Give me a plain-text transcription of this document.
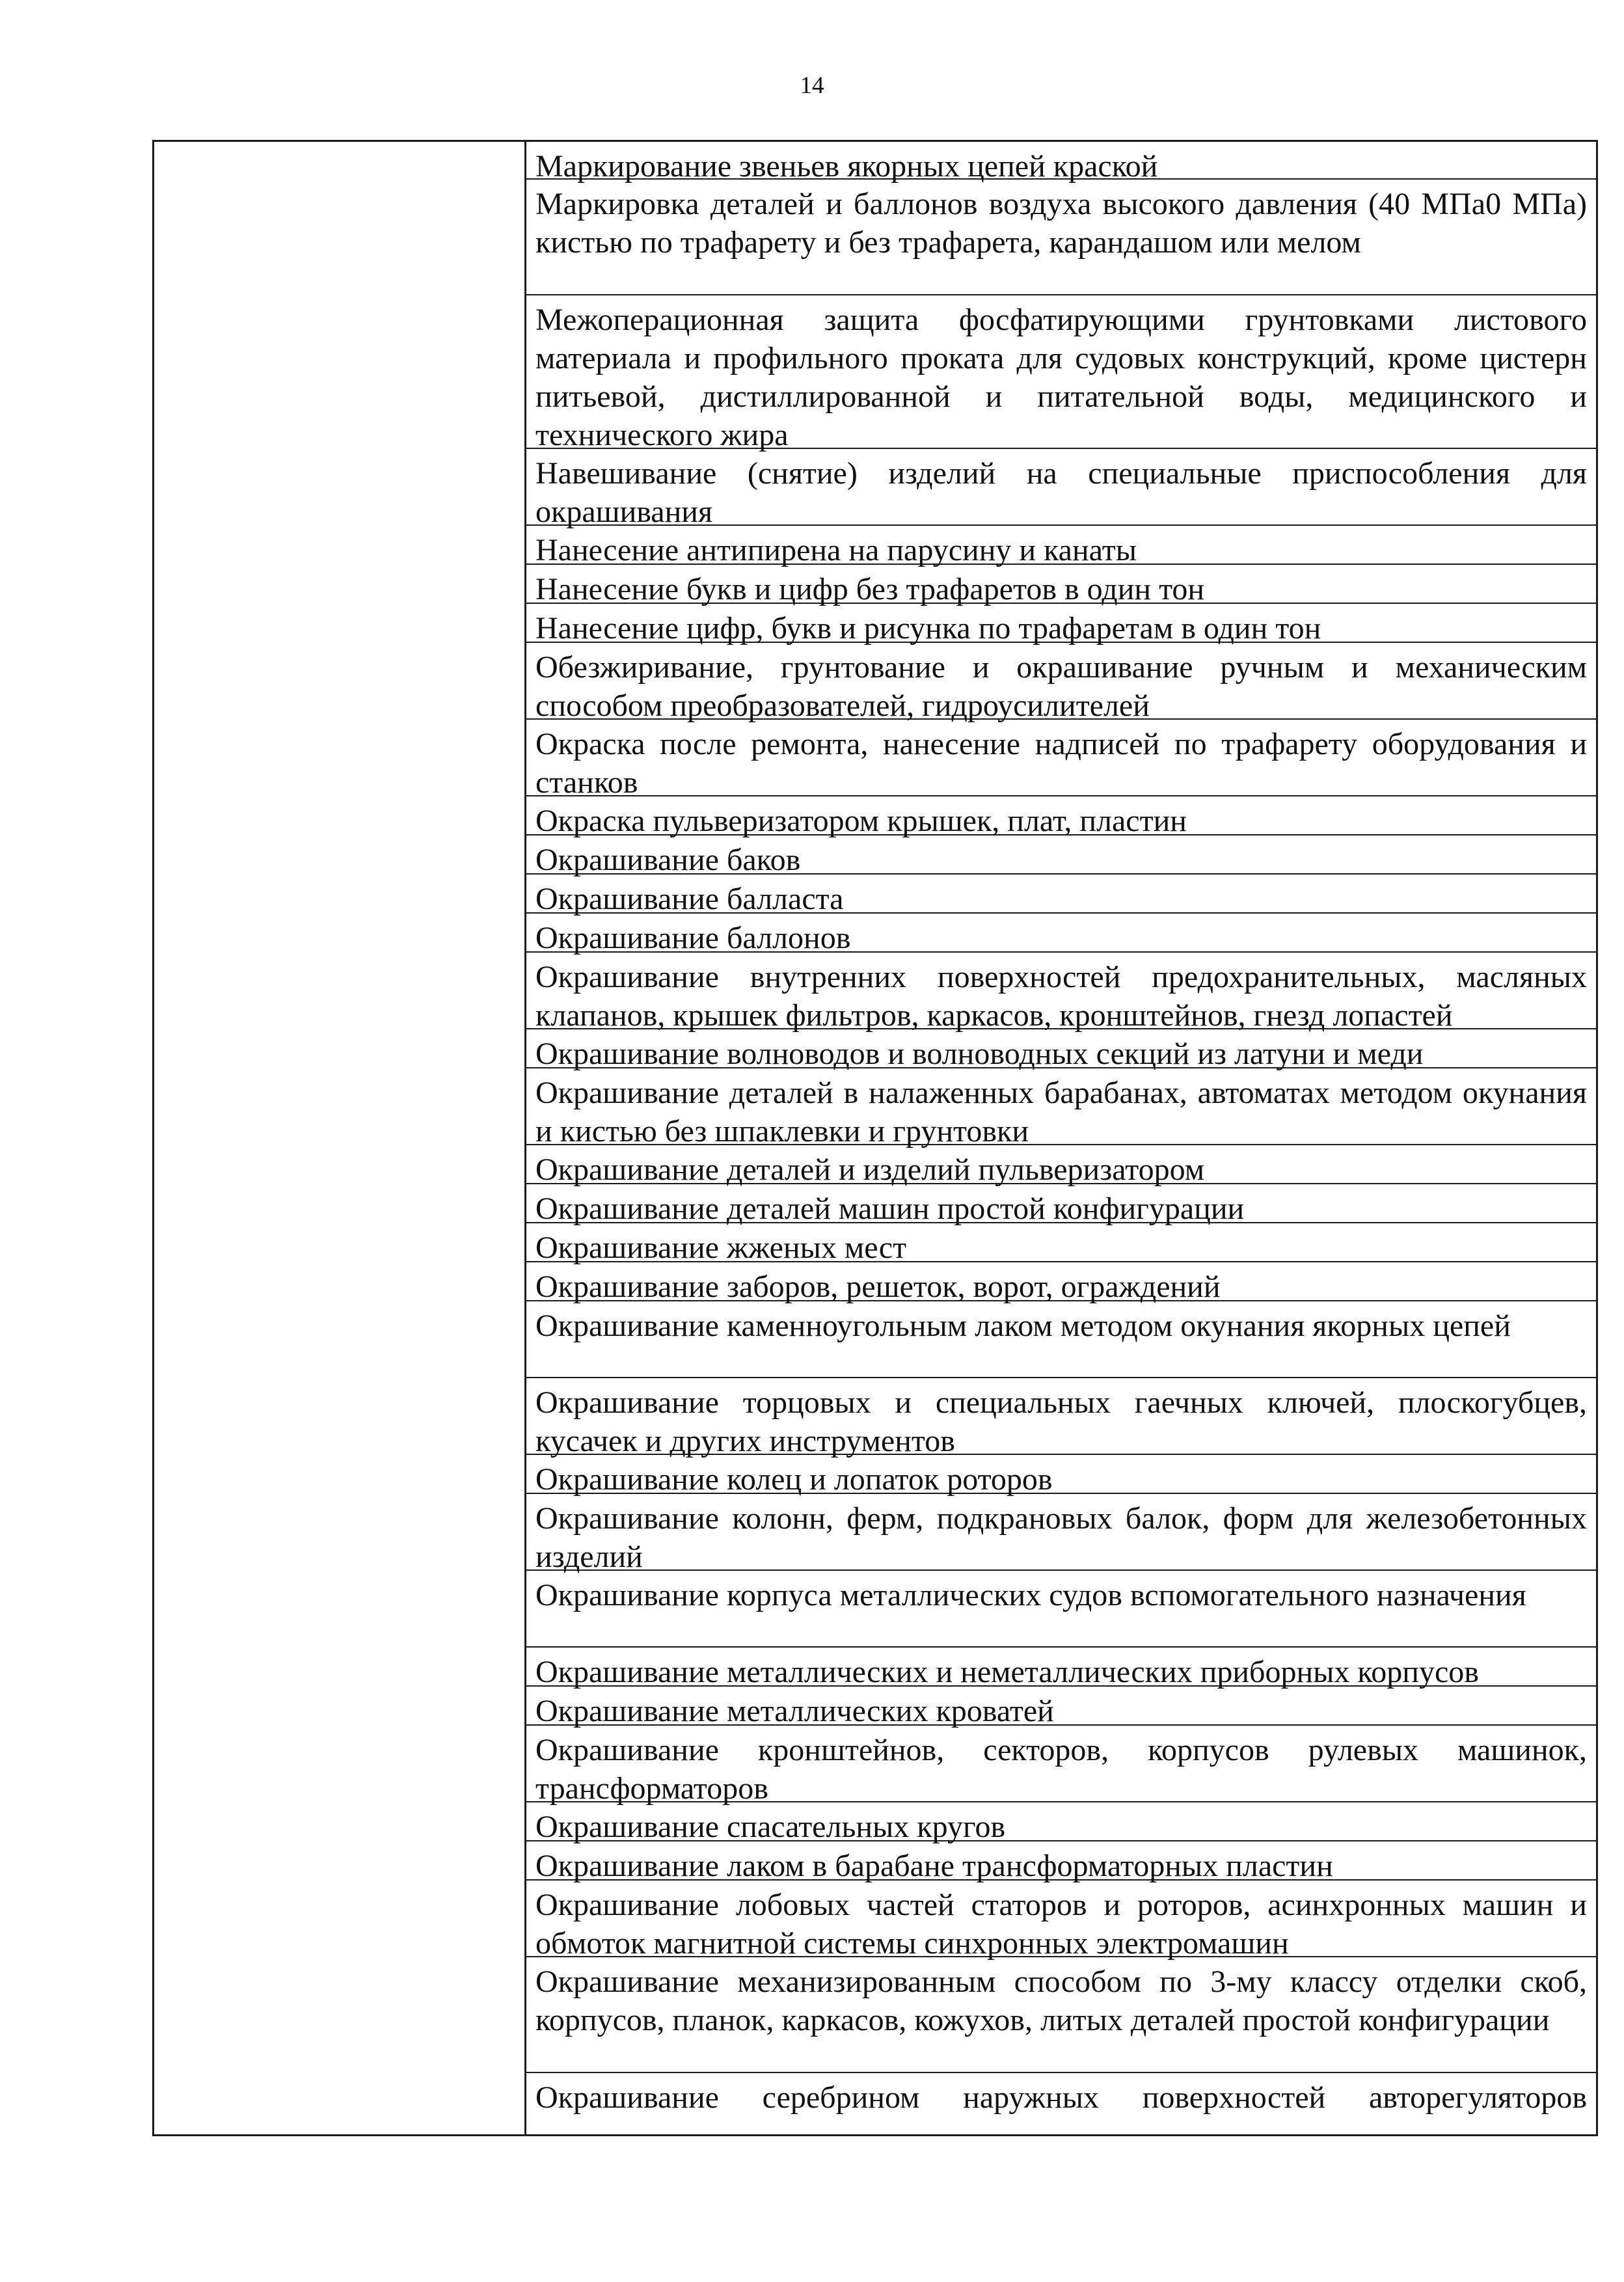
14
Маркирование звеньев якорных цепей краской
Маркировка деталей и баллонов воздуха высокого давления (40 МПа0 МПа) кистью по трафарету и без трафарета, карандашом или мелом
Межоперационная защита фосфатирующими грунтовками листового материала и профильного проката для судовых конструкций, кроме цистерн питьевой, дистиллированной и питательной воды, медицинского и технического жира
Навешивание (снятие) изделий на специальные приспособления для окрашивания
Нанесение антипирена на парусину и канаты
Нанесение букв и цифр без трафаретов в один тон
Нанесение цифр, букв и рисунка по трафаретам в один тон
Обезжиривание, грунтование и окрашивание ручным и механическим способом преобразователей, гидроусилителей
Окраска после ремонта, нанесение надписей по трафарету оборудования и станков
Окраска пульверизатором крышек, плат, пластин
Окрашивание баков
Окрашивание балласта
Окрашивание баллонов
Окрашивание внутренних поверхностей предохранительных, масляных клапанов, крышек фильтров, каркасов, кронштейнов, гнезд лопастей
Окрашивание волноводов и волноводных секций из латуни и меди
Окрашивание деталей в налаженных барабанах, автоматах методом окунания и кистью без шпаклевки и грунтовки
Окрашивание деталей и изделий пульверизатором
Окрашивание деталей машин простой конфигурации
Окрашивание жженых мест
Окрашивание заборов, решеток, ворот, ограждений
Окрашивание каменноугольным лаком методом окунания якорных цепей
Окрашивание торцовых и специальных гаечных ключей, плоскогубцев, кусачек и других инструментов
Окрашивание колец и лопаток роторов
Окрашивание колонн, ферм, подкрановых балок, форм для железобетонных изделий
Окрашивание корпуса металлических судов вспомогательного назначения
Окрашивание металлических и неметаллических приборных корпусов
Окрашивание металлических кроватей
Окрашивание кронштейнов, секторов, корпусов рулевых машинок, трансформаторов
Окрашивание спасательных кругов
Окрашивание лаком в барабане трансформаторных пластин
Окрашивание лобовых частей статоров и роторов, асинхронных машин и обмоток магнитной системы синхронных электромашин
Окрашивание механизированным способом по 3-му классу отделки скоб, корпусов, планок, каркасов, кожухов, литых деталей простой конфигурации
Окрашивание серебрином наружных поверхностей авторегуляторов
